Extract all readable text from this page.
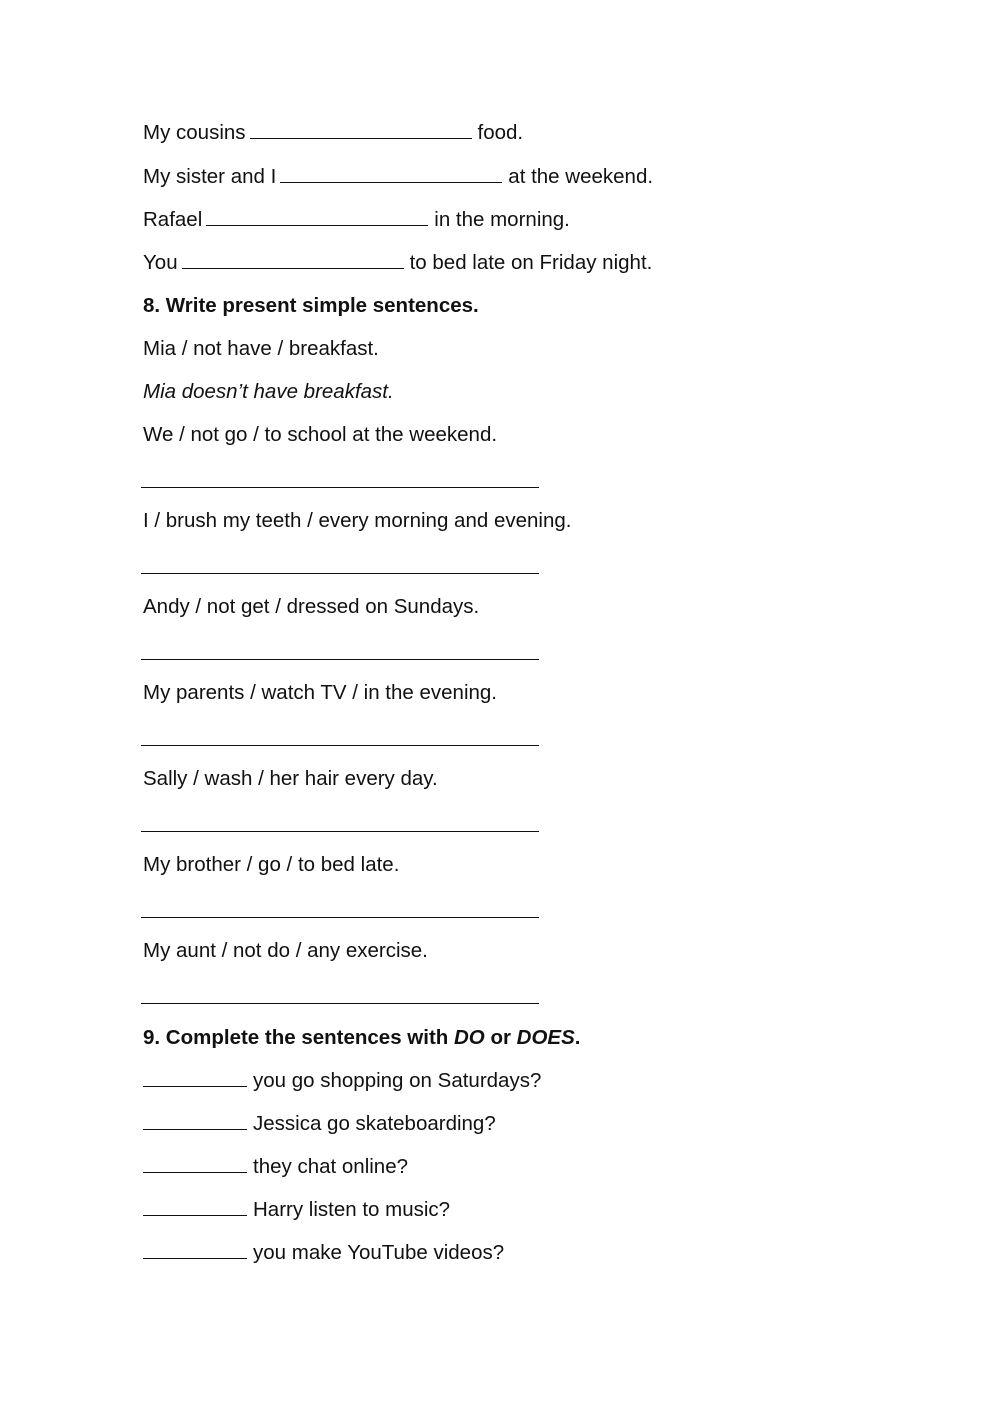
My cousins	food.
My sister and I	at the weekend.
Rafael	in the morning.
You	to bed late on Friday night.
8. Write present simple sentences.
Mia / not have / breakfast.
Mia doesn’t have breakfast.
We / not go / to school at the weekend.
I / brush my teeth / every morning and evening.
Andy / not get / dressed on Sundays.
My parents / watch TV / in the evening.
Sally / wash / her hair every day.
My brother / go / to bed late.
My aunt / not do / any exercise.
9. Complete the sentences with DO or DOES.
you go shopping on Saturdays?
Jessica go skateboarding?
they chat online?
Harry listen to music?
you make YouTube videos?
